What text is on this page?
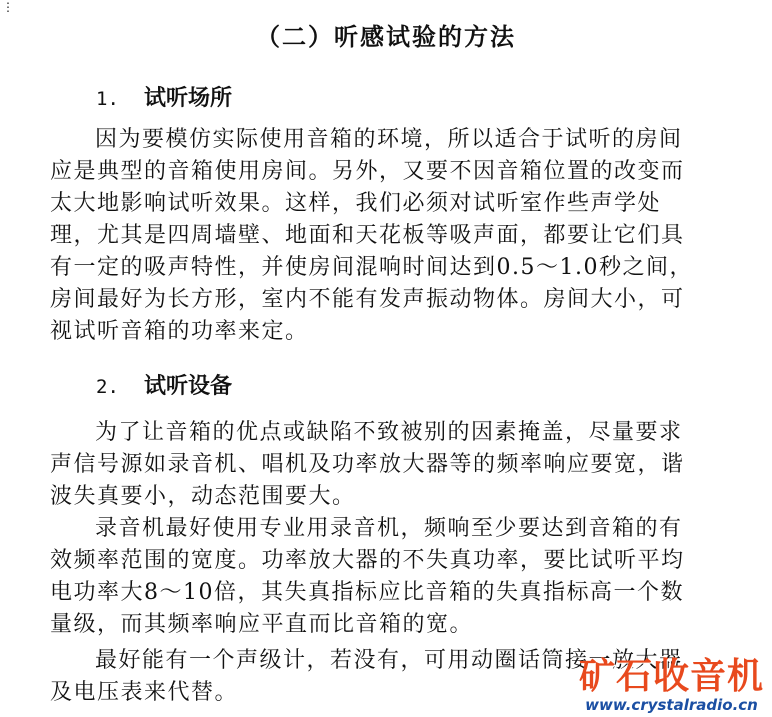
⋮
（二）听感试验的方法
1. 试听场所
因为要模仿实际使用音箱的环境，所以适合于试听的房间
应是典型的音箱使用房间。另外，又要不因音箱位置的改变而
太大地影响试听效果。这样，我们必须对试听室作些声学处
理，尤其是四周墙壁、地面和天花板等吸声面，都要让它们具
有一定的吸声特性，并使房间混响时间达到0.5～1.0秒之间，
房间最好为长方形，室内不能有发声振动物体。房间大小，可
视试听音箱的功率来定。
2. 试听设备
为了让音箱的优点或缺陷不致被别的因素掩盖，尽量要求
声信号源如录音机、唱机及功率放大器等的频率响应要宽，谐
波失真要小，动态范围要大。
录音机最好使用专业用录音机，频响至少要达到音箱的有
效频率范围的宽度。功率放大器的不失真功率，要比试听平均
电功率大8～10倍，其失真指标应比音箱的失真指标高一个数
量级，而其频率响应平直而比音箱的宽。
最好能有一个声级计，若没有，可用动圈话筒接一放大器
及电压表来代替。	矿石收音机
www.crystalradio.cn
